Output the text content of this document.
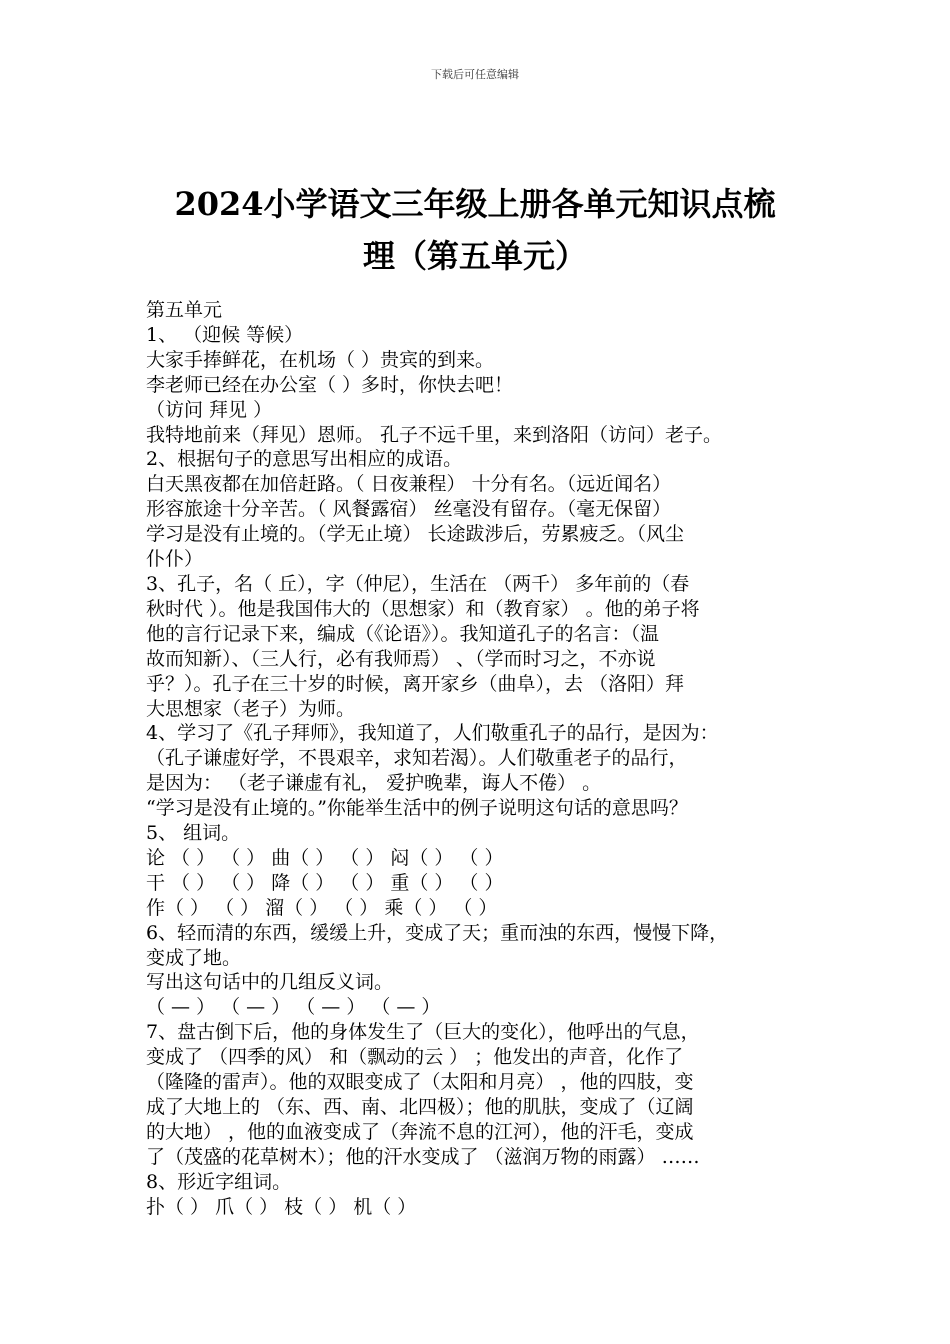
下载后可任意编辑
2024小学语文三年级上册各单元知识点梳
理（第五单元）
第五单元
1、 （迎候 等候）
大家手捧鲜花，在机场（ ）贵宾的到来。
李老师已经在办公室（ ）多时，你快去吧！
（访问 拜见 ）
我特地前来（拜见）恩师。 孔子不远千里，来到洛阳（访问）老子。
2、根据句子的意思写出相应的成语。
白天黑夜都在加倍赶路。（ 日夜兼程） 十分有名。（远近闻名）
形容旅途十分辛苦。（ 风餐露宿） 丝毫没有留存。（毫无保留）
学习是没有止境的。（学无止境） 长途跋涉后，劳累疲乏。（风尘
仆仆）
3、孔子，名（ 丘），字（仲尼），生活在 （两千） 多年前的（春
秋时代 ）。他是我国伟大的（思想家）和（教育家） 。他的弟子将
他的言行记录下来，编成（《论语》）。我知道孔子的名言：（温
故而知新）、（三人行，必有我师焉） 、（学而时习之，不亦说
乎？）。孔子在三十岁的时候，离开家乡（曲阜），去 （洛阳）拜
大思想家（老子）为师。
4、学习了《孔子拜师》，我知道了，人们敬重孔子的品行，是因为：
（孔子谦虚好学，不畏艰辛，求知若渴）。人们敬重老子的品行，
是因为： （老子谦虚有礼， 爱护晚辈，诲人不倦） 。
“学习是没有止境的。”你能举生活中的例子说明这句话的意思吗？
5、 组词。
论 （ ） （ ） 曲（ ） （ ） 闷（ ） （ ）
干 （ ） （ ） 降（ ） （ ） 重（ ） （ ）
作（ ） （ ） 溜（ ） （ ） 乘（ ） （ ）
6、轻而清的东西，缓缓上升，变成了天；重而浊的东西，慢慢下降，
变成了地。
写出这句话中的几组反义词。
（ — ） （ — ） （ — ） （ — ）
7、盘古倒下后，他的身体发生了（巨大的变化），他呼出的气息，
变成了 （四季的风） 和（飘动的云 ） ；他发出的声音，化作了
（隆隆的雷声）。他的双眼变成了（太阳和月亮） ，他的四肢，变
成了大地上的 （东、西、南、北四极）；他的肌肤，变成了（辽阔
的大地） ，他的血液变成了（奔流不息的江河），他的汗毛，变成
了（茂盛的花草树木）；他的汗水变成了 （滋润万物的雨露） ……
8、形近字组词。
扑（ ） 爪（ ） 枝（ ） 机（ ）
